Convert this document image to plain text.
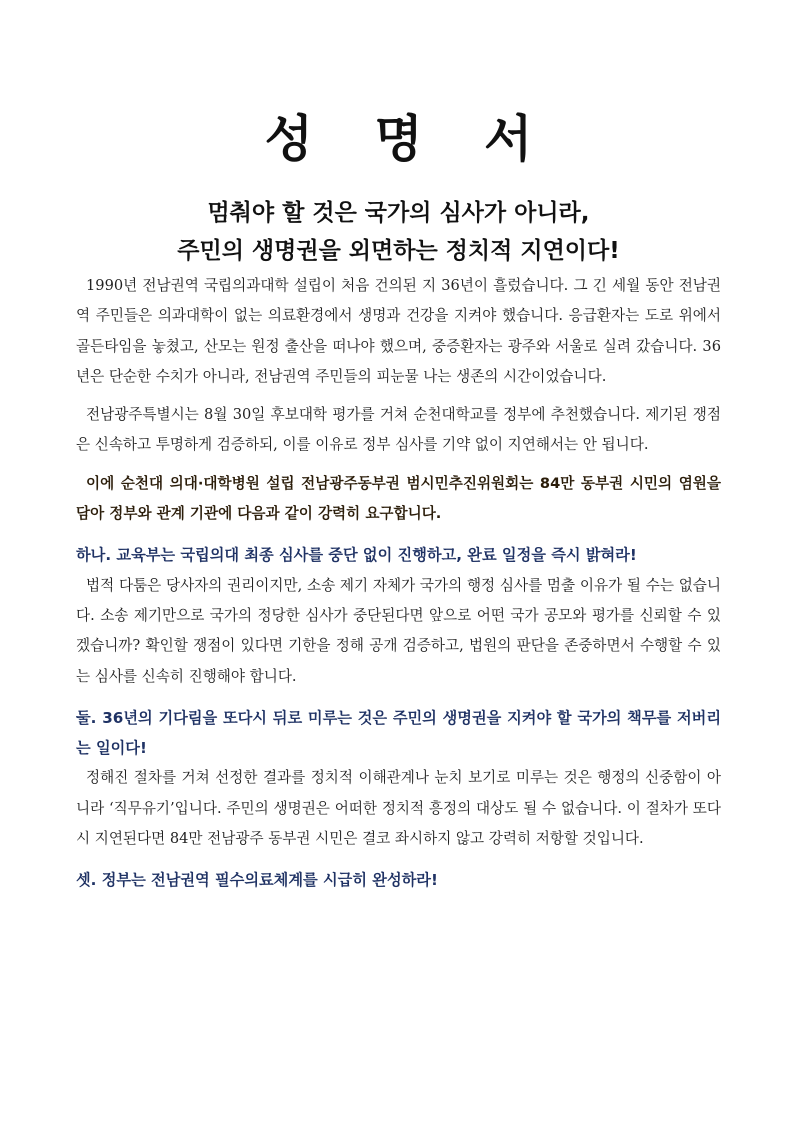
성 명 서
멈춰야 할 것은 국가의 심사가 아니라,
주민의 생명권을 외면하는 정치적 지연이다!

1990년 전남권역 국립의과대학 설립이 처음 건의된 지 36년이 흘렀습니다. 그 긴 세월 동안 전남권역 주민들은 의과대학이 없는 의료환경에서 생명과 건강을 지켜야 했습니다. 응급환자는 도로 위에서 골든타임을 놓쳤고, 산모는 원정 출산을 떠나야 했으며, 중증환자는 광주와 서울로 실려 갔습니다. 36년은 단순한 수치가 아니라, 전남권역 주민들의 피눈물 나는 생존의 시간이었습니다.

전남광주특별시는 8월 30일 후보대학 평가를 거쳐 순천대학교를 정부에 추천했습니다. 제기된 쟁점은 신속하고 투명하게 검증하되, 이를 이유로 정부 심사를 기약 없이 지연해서는 안 됩니다.

이에 순천대 의대·대학병원 설립 전남광주동부권 범시민추진위원회는 84만 동부권 시민의 염원을 담아 정부와 관계 기관에 다음과 같이 강력히 요구합니다.

하나. 교육부는 국립의대 최종 심사를 중단 없이 진행하고, 완료 일정을 즉시 밝혀라!

법적 다툼은 당사자의 권리이지만, 소송 제기 자체가 국가의 행정 심사를 멈출 이유가 될 수는 없습니다. 소송 제기만으로 국가의 정당한 심사가 중단된다면 앞으로 어떤 국가 공모와 평가를 신뢰할 수 있겠습니까? 확인할 쟁점이 있다면 기한을 정해 공개 검증하고, 법원의 판단을 존중하면서 수행할 수 있는 심사를 신속히 진행해야 합니다.

둘. 36년의 기다림을 또다시 뒤로 미루는 것은 주민의 생명권을 지켜야 할 국가의 책무를 저버리는 일이다!

정해진 절차를 거쳐 선정한 결과를 정치적 이해관계나 눈치 보기로 미루는 것은 행정의 신중함이 아니라 ‘직무유기’입니다. 주민의 생명권은 어떠한 정치적 흥정의 대상도 될 수 없습니다. 이 절차가 또다시 지연된다면 84만 전남광주 동부권 시민은 결코 좌시하지 않고 강력히 저항할 것입니다.

셋. 정부는 전남권역 필수의료체계를 시급히 완성하라!
